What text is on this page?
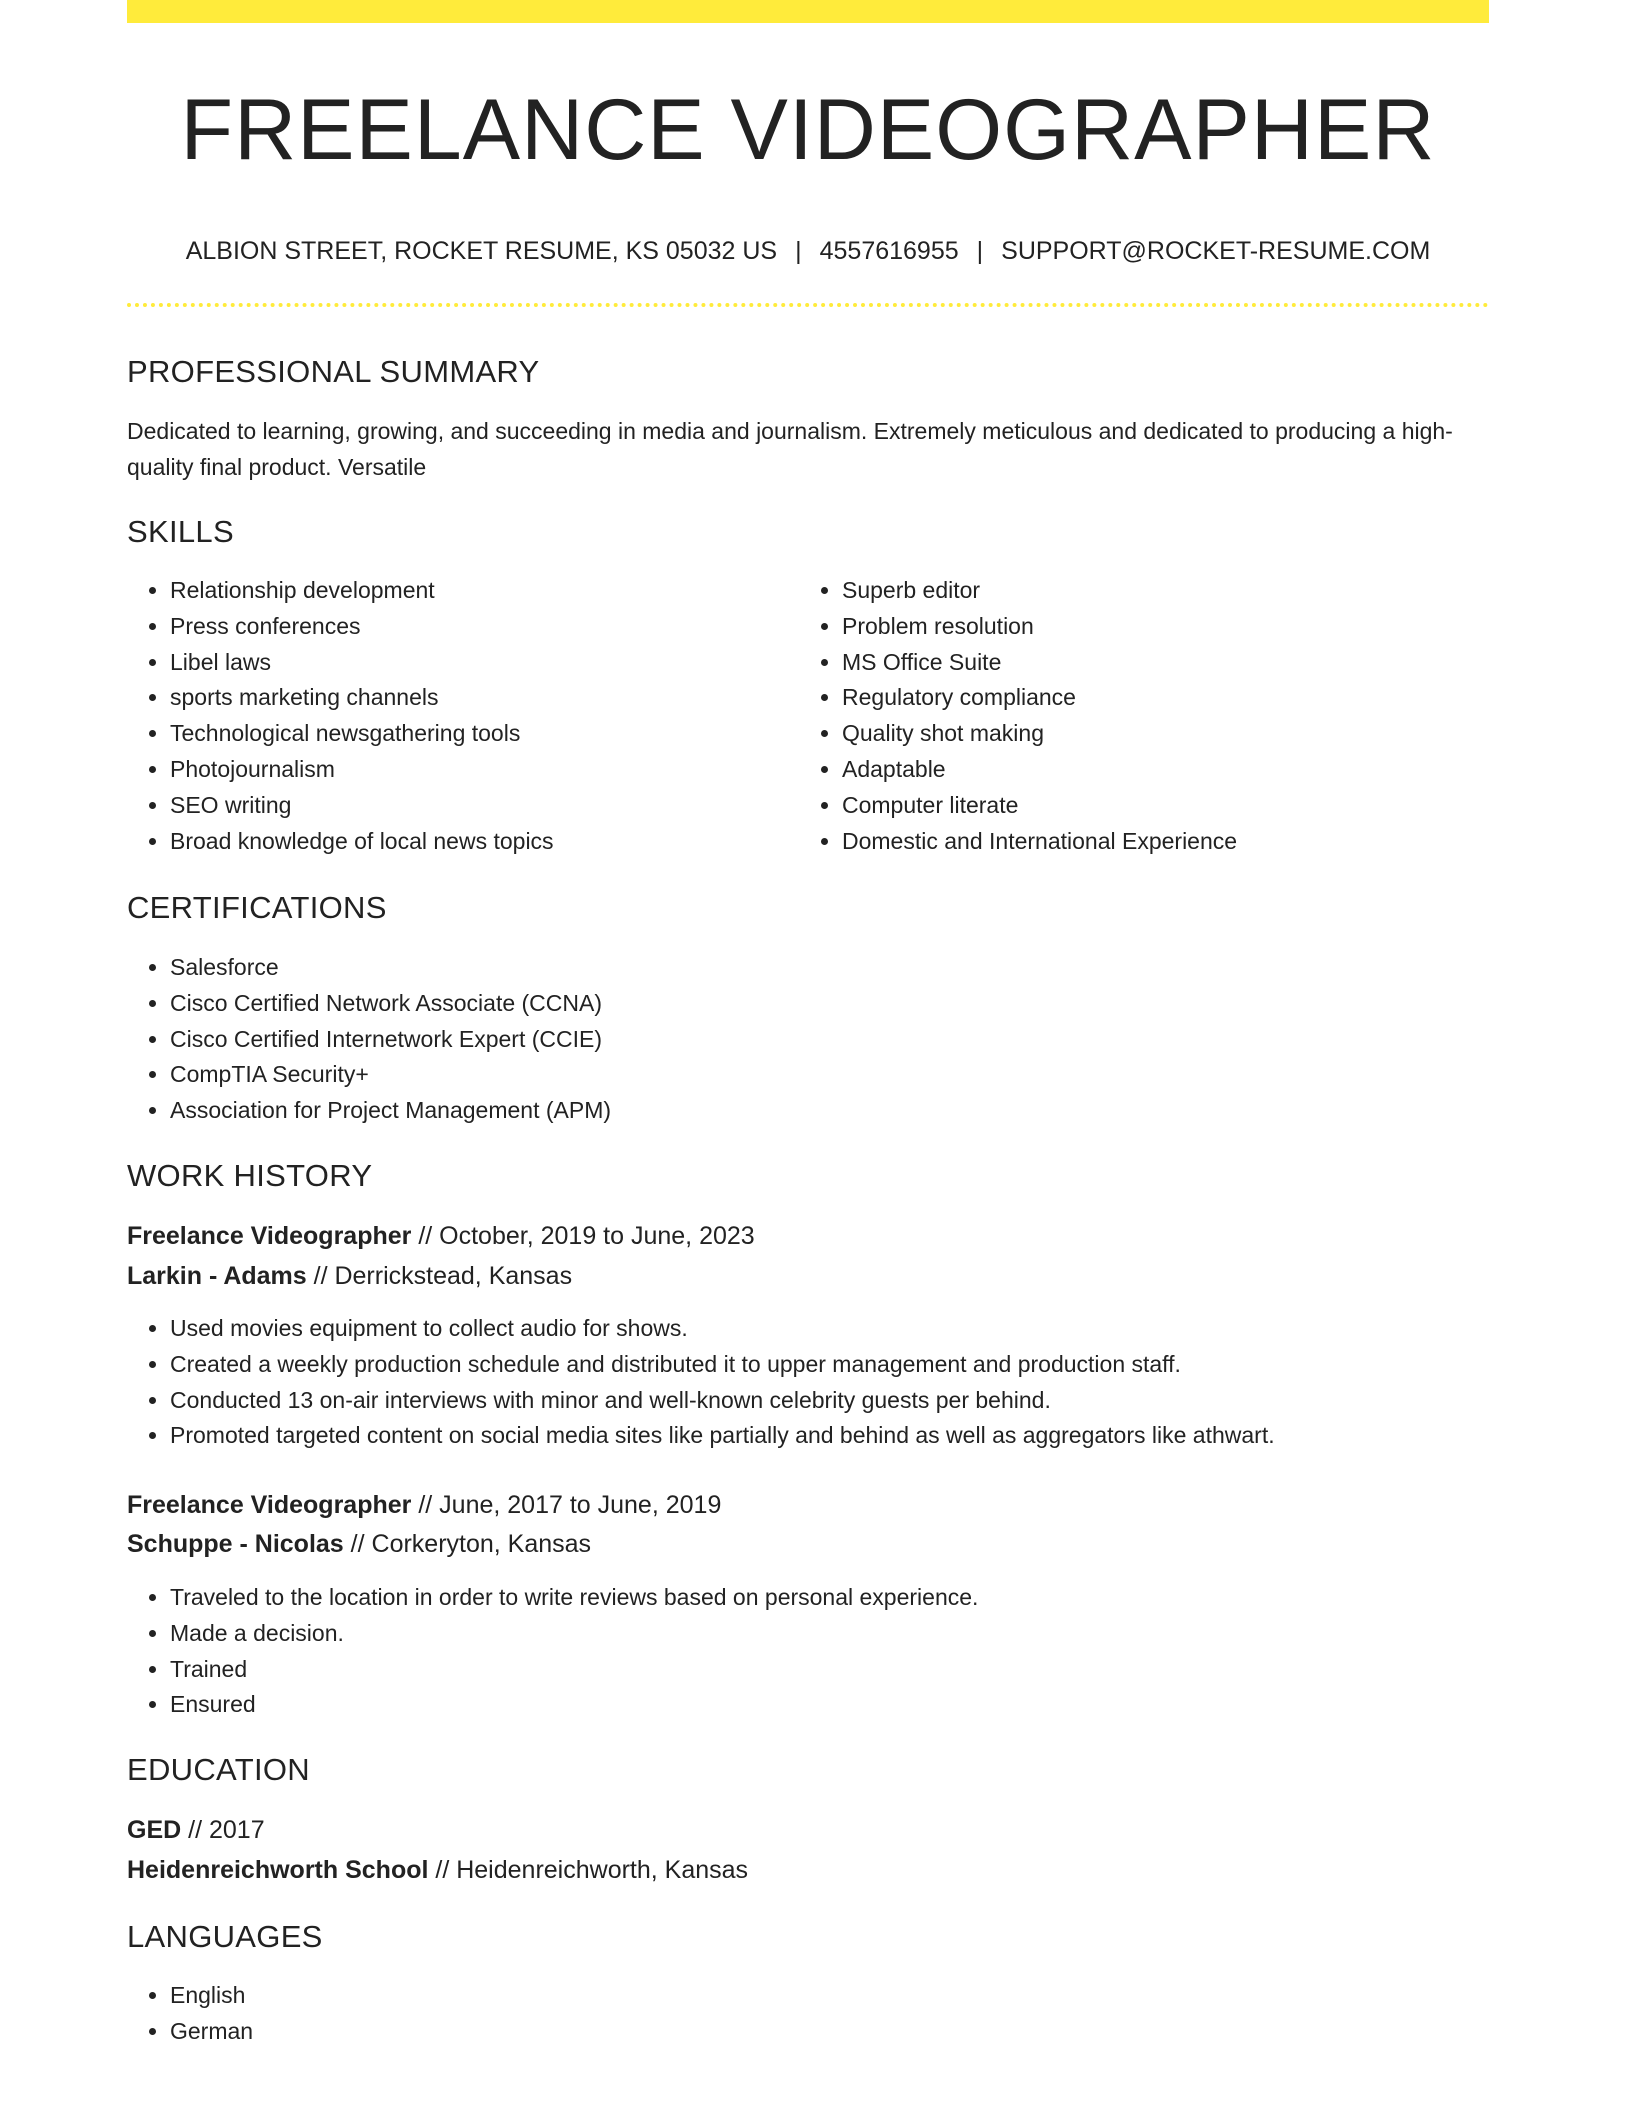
FREELANCE VIDEOGRAPHER
ALBION STREET, ROCKET RESUME, KS 05032 US | 4557616955 | SUPPORT@ROCKET-RESUME.COM
PROFESSIONAL SUMMARY

Dedicated to learning, growing, and succeeding in media and journalism. Extremely meticulous and dedicated to producing a high-quality final product. Versatile

SKILLS
• Relationship development
• Press conferences
• Libel laws
• sports marketing channels
• Technological newsgathering tools
• Photojournalism
• SEO writing
• Broad knowledge of local news topics
• Superb editor
• Problem resolution
• MS Office Suite
• Regulatory compliance
• Quality shot making
• Adaptable
• Computer literate
• Domestic and International Experience
CERTIFICATIONS
• Salesforce
• Cisco Certified Network Associate (CCNA)
• Cisco Certified Internetwork Expert (CCIE)
• CompTIA Security+
• Association for Project Management (APM)
WORK HISTORY
Freelance Videographer // October, 2019 to June, 2023
Larkin - Adams // Derrickstead, Kansas
• Used movies equipment to collect audio for shows.
• Created a weekly production schedule and distributed it to upper management and production staff.
• Conducted 13 on-air interviews with minor and well-known celebrity guests per behind.
• Promoted targeted content on social media sites like partially and behind as well as aggregators like athwart.
Freelance Videographer // June, 2017 to June, 2019
Schuppe - Nicolas // Corkeryton, Kansas
• Traveled to the location in order to write reviews based on personal experience.
• Made a decision.
• Trained
• Ensured
EDUCATION
GED // 2017
Heidenreichworth School // Heidenreichworth, Kansas
LANGUAGES
• English
• German
